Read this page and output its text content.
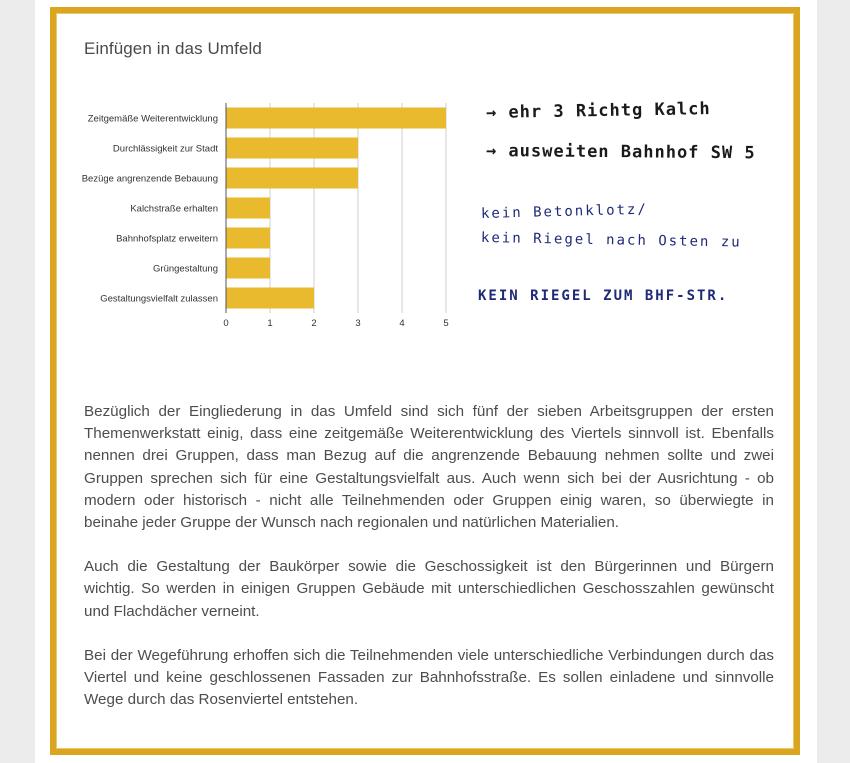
Einfügen in das Umfeld
Zeitgemäße Weiterentwicklung
Durchlässigkeit zur Stadt
Bezüge angrenzende Bebauung
Kalchstraße erhalten
Bahnhofsplatz erweitern
Grüngestaltung
Gestaltungsvielfalt zulassen
0	1	2	3	4	5
→ ehr 3 Richtg Kalch
→ ausweiten Bahnhof SW 5
kein Betonklotz/
kein Riegel nach Osten zu
KEIN RIEGEL ZUM BHF-STR.

Bezüglich der Eingliederung in das Umfeld sind sich fünf der sieben Arbeitsgruppen der ersten Themenwerkstatt einig, dass eine zeitgemäße Weiterentwicklung des Viertels sinnvoll ist. Ebenfalls nennen drei Gruppen, dass man Bezug auf die angrenzende Bebauung nehmen sollte und zwei Gruppen sprechen sich für eine Gestaltungsvielfalt aus. Auch wenn sich bei der Ausrichtung - ob modern oder historisch - nicht alle Teilnehmenden oder Gruppen einig waren, so überwiegte in beinahe jeder Gruppe der Wunsch nach regionalen und natürlichen Materialien.

Auch die Gestaltung der Baukörper sowie die Geschossigkeit ist den Bürgerinnen und Bürgern wichtig. So werden in einigen Gruppen Gebäude mit unterschiedlichen Geschosszahlen gewünscht und Flachdächer verneint.

Bei der Wegeführung erhoffen sich die Teilnehmenden viele unterschiedliche Verbindungen durch das Viertel und keine geschlossenen Fassaden zur Bahnhofsstraße. Es sollen einladene und sinnvolle Wege durch das Rosenviertel entstehen.
